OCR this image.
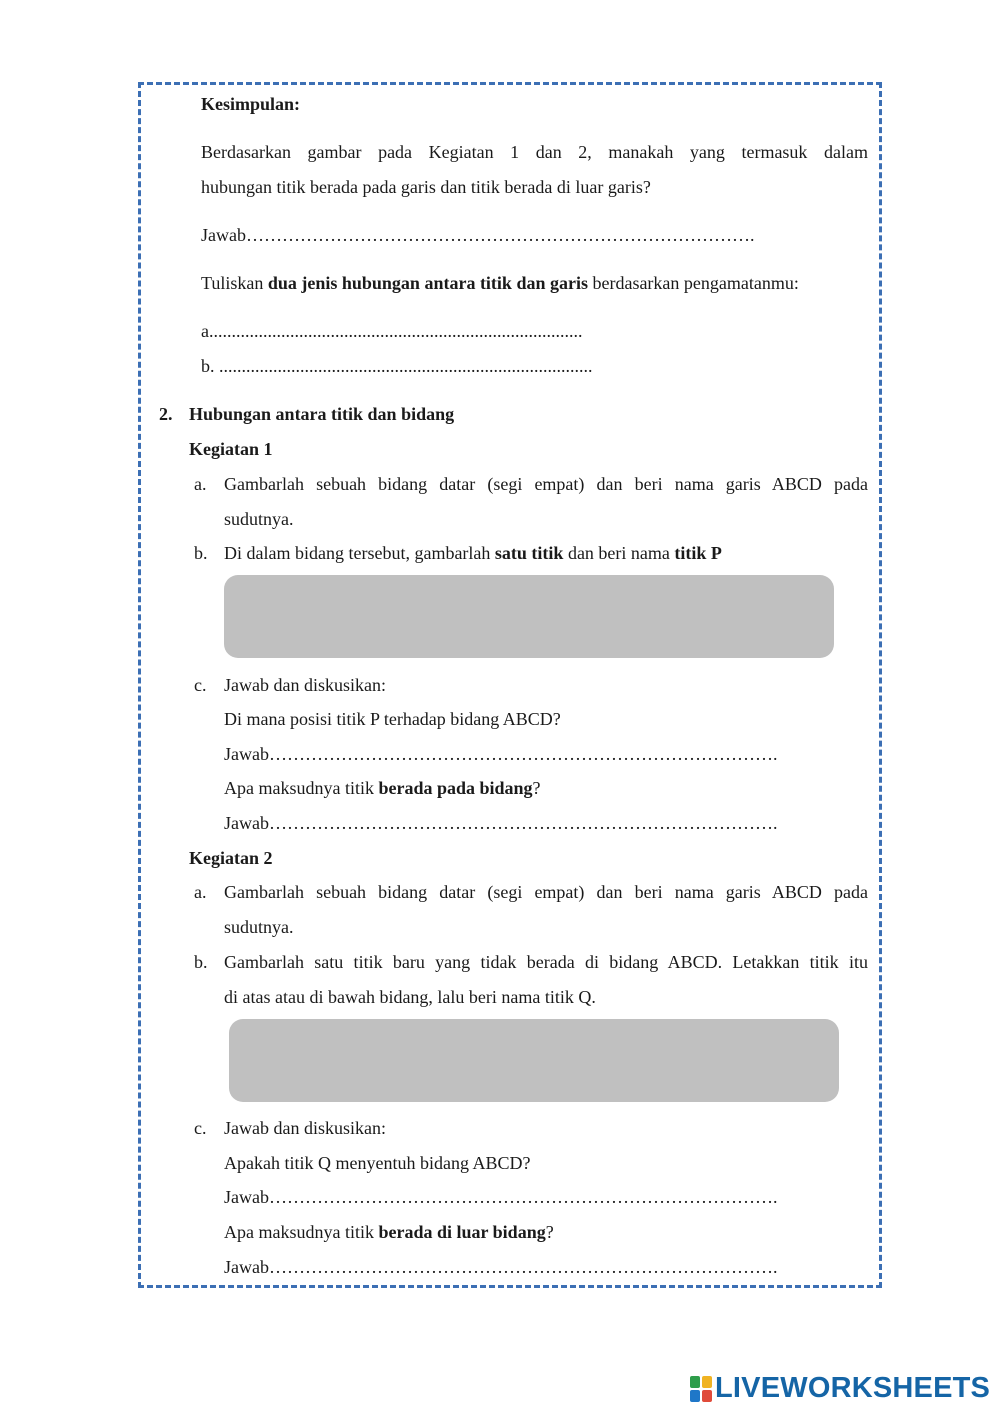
Kesimpulan:
Berdasarkan gambar pada Kegiatan 1 dan 2, manakah yang termasuk dalam
hubungan titik berada pada garis dan titik berada di luar garis?
Jawab………………………………………………………………………….
Tuliskan dua jenis hubungan antara titik dan garis berdasarkan pengamatanmu:
a...................................................................................
b. ...................................................................................
2. Hubungan antara titik dan bidang
Kegiatan 1
a. Gambarlah sebuah bidang datar (segi empat) dan beri nama garis ABCD pada
sudutnya.
b. Di dalam bidang tersebut, gambarlah satu titik dan beri nama titik P
c. Jawab dan diskusikan:
Di mana posisi titik P terhadap bidang ABCD?
Jawab………………………………………………………………………….
Apa maksudnya titik berada pada bidang?
Jawab………………………………………………………………………….
Kegiatan 2
a. Gambarlah sebuah bidang datar (segi empat) dan beri nama garis ABCD pada
sudutnya.
b. Gambarlah satu titik baru yang tidak berada di bidang ABCD. Letakkan titik itu
di atas atau di bawah bidang, lalu beri nama titik Q.
c. Jawab dan diskusikan:
Apakah titik Q menyentuh bidang ABCD?
Jawab………………………………………………………………………….
Apa maksudnya titik berada di luar bidang?
Jawab………………………………………………………………………….
LIVEWORKSHEETS
